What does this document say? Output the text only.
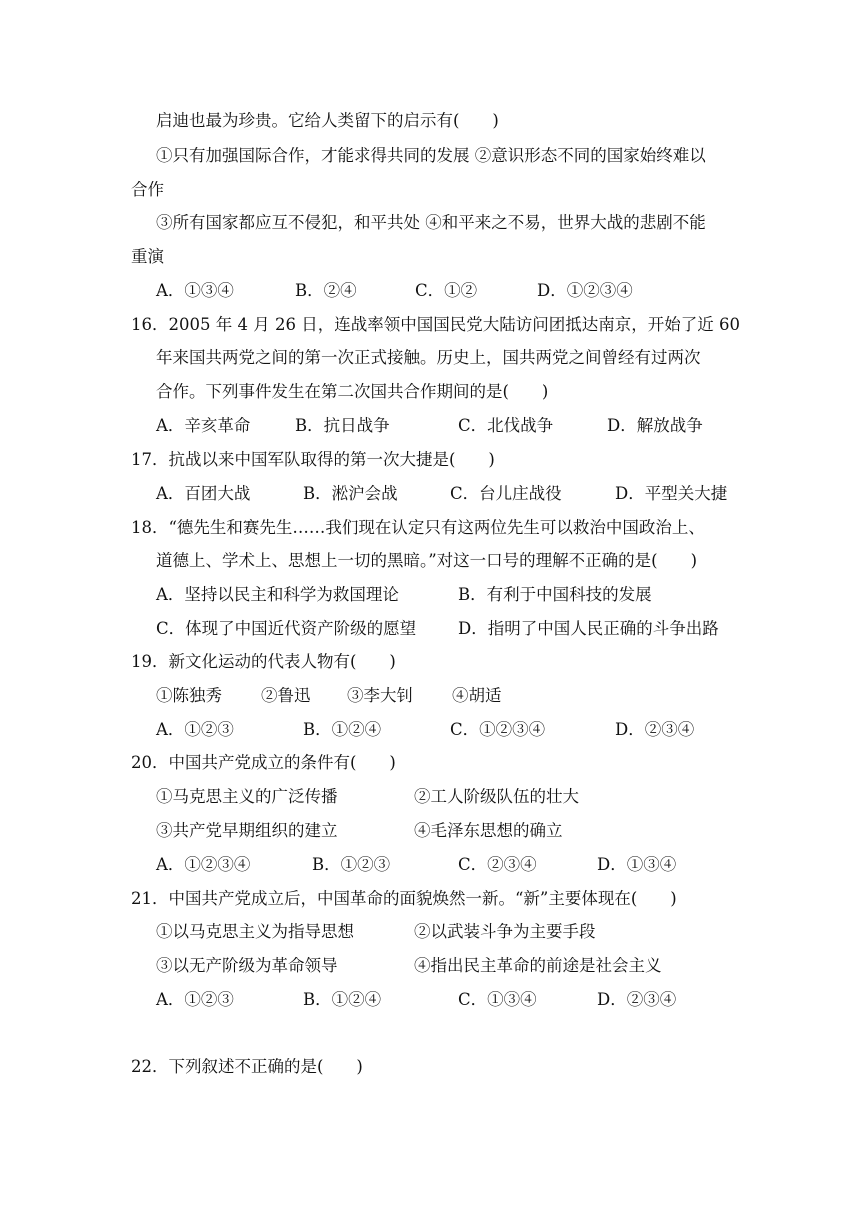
启迪也最为珍贵。它给人类留下的启示有(　　)
①只有加强国际合作，才能求得共同的发展 ②意识形态不同的国家始终难以
合作
③所有国家都应互不侵犯，和平共处 ④和平来之不易，世界大战的悲剧不能
重演
A．①③④	B．②④	C．①②	D．①②③④
16．2005 年 4 月 26 日，连战率领中国国民党大陆访问团抵达南京，开始了近 60
年来国共两党之间的第一次正式接触。历史上，国共两党之间曾经有过两次
合作。下列事件发生在第二次国共合作期间的是(　　)
A．辛亥革命	B．抗日战争	C．北伐战争	D．解放战争
17．抗战以来中国军队取得的第一次大捷是(　　)
A．百团大战	B．淞沪会战	C．台儿庄战役	D．平型关大捷
18．“德先生和赛先生……我们现在认定只有这两位先生可以救治中国政治上、
道德上、学术上、思想上一切的黑暗。”对这一口号的理解不正确的是(　　)
A．坚持以民主和科学为救国理论	B．有利于中国科技的发展
C．体现了中国近代资产阶级的愿望	D．指明了中国人民正确的斗争出路
19．新文化运动的代表人物有(　　)
①陈独秀 ②鲁迅 ③李大钊 ④胡适
A．①②③	B．①②④	C．①②③④	D．②③④
20．中国共产党成立的条件有(　　)
①马克思主义的广泛传播	②工人阶级队伍的壮大
③共产党早期组织的建立	④毛泽东思想的确立
A．①②③④	B．①②③	C．②③④	D．①③④
21．中国共产党成立后，中国革命的面貌焕然一新。“新”主要体现在(　　)
①以马克思主义为指导思想	②以武装斗争为主要手段
③以无产阶级为革命领导	④指出民主革命的前途是社会主义
A．①②③	B．①②④	C．①③④	D．②③④
22．下列叙述不正确的是(　　)
